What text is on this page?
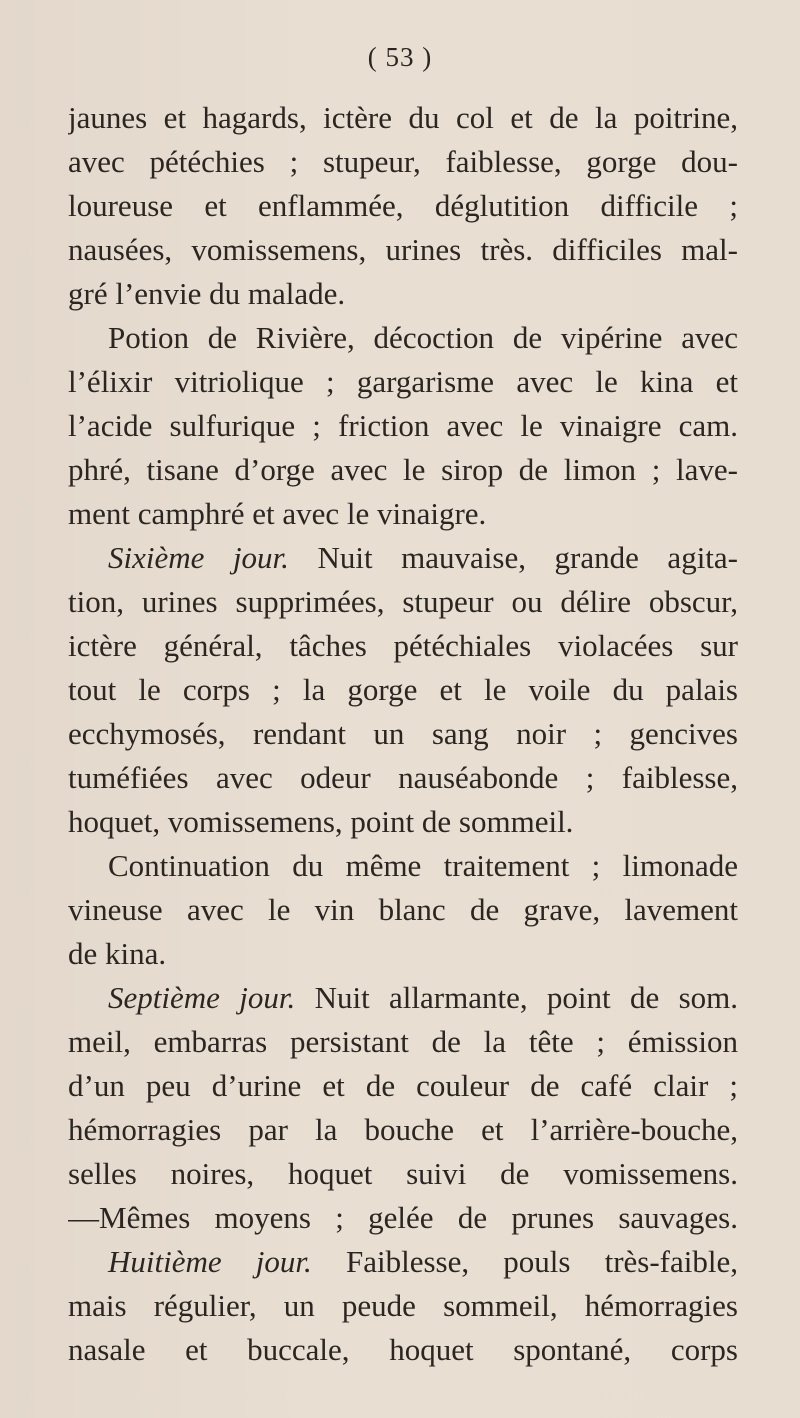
( 53 )
jaunes et hagards, ictère du col et de la poitrine,
avec pétéchies ; stupeur, faiblesse, gorge dou-
loureuse et enflammée, déglutition difficile ;
nausées, vomissemens, urines très. difficiles mal-
gré l’envie du malade.
Potion de Rivière, décoction de vipérine avec
l’élixir vitriolique ; gargarisme avec le kina et
l’acide sulfurique ; friction avec le vinaigre cam.
phré, tisane d’orge avec le sirop de limon ; lave-
ment camphré et avec le vinaigre.
Sixième jour. Nuit mauvaise, grande agita-
tion, urines supprimées, stupeur ou délire obscur,
ictère général, tâches pétéchiales violacées sur
tout le corps ; la gorge et le voile du palais
ecchymosés, rendant un sang noir ; gencives
tuméfiées avec odeur nauséabonde ; faiblesse,
hoquet, vomissemens, point de sommeil.
Continuation du même traitement ; limonade
vineuse avec le vin blanc de grave, lavement
de kina.
Septième jour. Nuit allarmante, point de som.
meil, embarras persistant de la tête ; émission
d’un peu d’urine et de couleur de café clair ;
hémorragies par la bouche et l’arrière-bouche,
selles noires, hoquet suivi de vomissemens.
—Mêmes moyens ; gelée de prunes sauvages.
Huitième jour. Faiblesse, pouls très-faible,
mais régulier, un peude sommeil, hémorragies
nasale et buccale, hoquet spontané, corps
